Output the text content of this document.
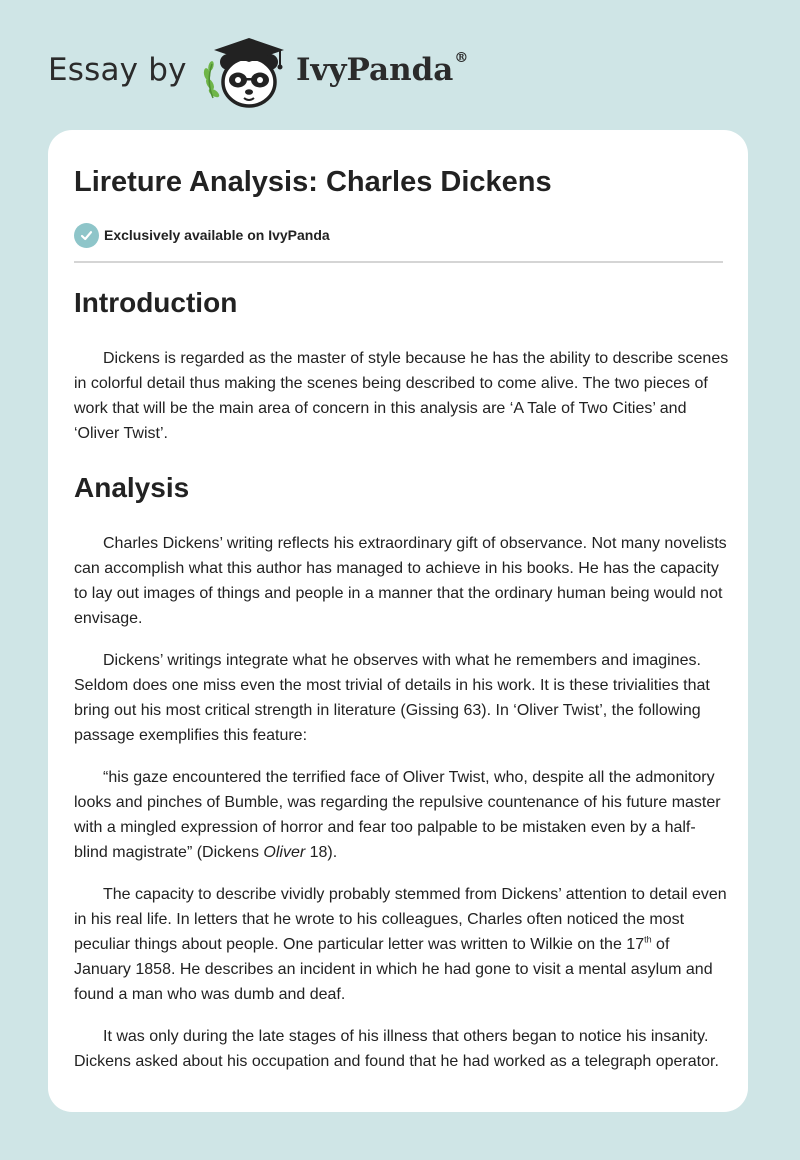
Essay by	IvyPanda®
Lireture Analysis: Charles Dickens
Exclusively available on IvyPanda
Introduction

Dickens is regarded as the master of style because he has the ability to describe scenes in colorful detail thus making the scenes being described to come alive. The two pieces of work that will be the main area of concern in this analysis are ‘A Tale of Two Cities’ and ‘Oliver Twist’.

Analysis

Charles Dickens’ writing reflects his extraordinary gift of observance. Not many novelists can accomplish what this author has managed to achieve in his books. He has the capacity to lay out images of things and people in a manner that the ordinary human being would not envisage.

Dickens’ writings integrate what he observes with what he remembers and imagines. Seldom does one miss even the most trivial of details in his work. It is these trivialities that bring out his most critical strength in literature (Gissing 63). In ‘Oliver Twist’, the following passage exemplifies this feature:

“his gaze encountered the terrified face of Oliver Twist, who, despite all the admonitory looks and pinches of Bumble, was regarding the repulsive countenance of his future master with a mingled expression of horror and fear too palpable to be mistaken even by a half-blind magistrate” (Dickens Oliver 18).

The capacity to describe vividly probably stemmed from Dickens’ attention to detail even in his real life. In letters that he wrote to his colleagues, Charles often noticed the most peculiar things about people. One particular letter was written to Wilkie on the 17th of January 1858. He describes an incident in which he had gone to visit a mental asylum and found a man who was dumb and deaf.

It was only during the late stages of his illness that others began to notice his insanity. Dickens asked about his occupation and found that he had worked as a telegraph operator.
